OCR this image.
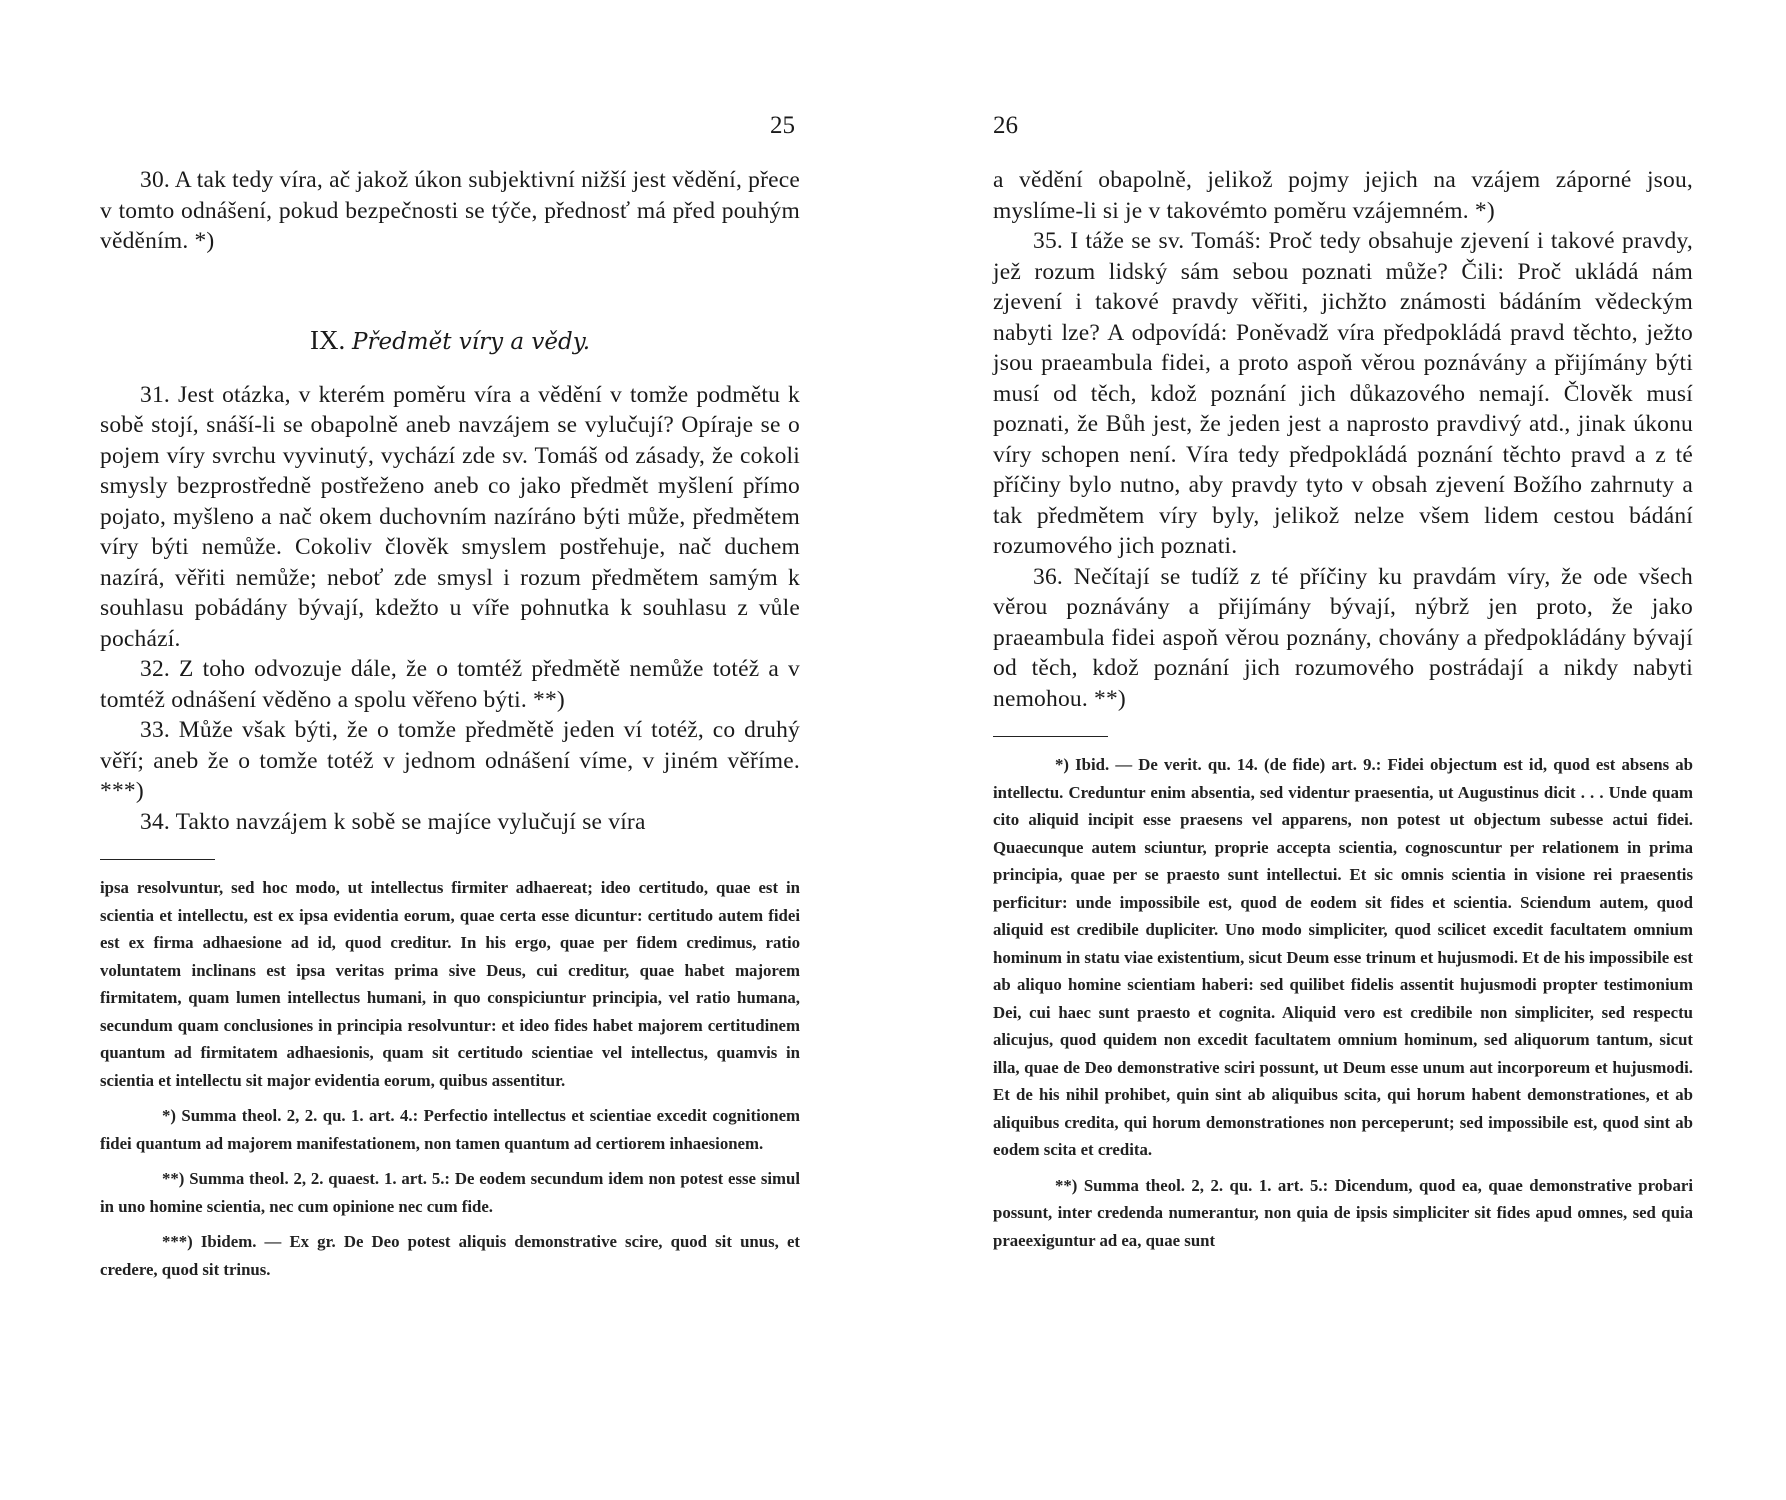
25

30. A tak tedy víra, ač jakož úkon subjektivní nižší jest vědění, přece v tomto odnášení, pokud bezpečnosti se týče, přednosť má před pouhým věděním. *)

IX. Předmět víry a vědy.

31. Jest otázka, v kterém poměru víra a vědění v tomže podmětu k sobě stojí, snáší-li se obapolně aneb navzájem se vylučují? Opíraje se o pojem víry svrchu vyvinutý, vychází zde sv. Tomáš od zásady, že cokoli smysly bezprostředně postřeženo aneb co jako předmět myšlení přímo pojato, myšleno a nač okem duchovním nazíráno býti může, předmětem víry býti nemůže. Cokoliv člověk smyslem postřehuje, nač duchem nazírá, věřiti nemůže; neboť zde smysl i rozum předmětem samým k souhlasu pobádány bývají, kdežto u víře pohnutka k souhlasu z vůle pochází.

32. Z toho odvozuje dále, že o tomtéž předmětě nemůže totéž a v tomtéž odnášení věděno a spolu věřeno býti. **)

33. Může však býti, že o tomže předmětě jeden ví totéž, co druhý věří; aneb že o tomže totéž v jednom odnášení víme, v jiném věříme. ***)

34. Takto navzájem k sobě se majíce vylučují se víra

ipsa resolvuntur, sed hoc modo, ut intellectus firmiter adhaereat; ideo certitudo, quae est in scientia et intellectu, est ex ipsa evidentia eorum, quae certa esse dicuntur: certitudo autem fidei est ex firma adhaesione ad id, quod creditur. In his ergo, quae per fidem credimus, ratio voluntatem inclinans est ipsa veritas prima sive Deus, cui creditur, quae habet majorem firmitatem, quam lumen intellectus humani, in quo conspiciuntur principia, vel ratio humana, secundum quam conclusiones in principia resolvuntur: et ideo fides habet majorem certitudinem quantum ad firmitatem adhaesionis, quam sit certitudo scientiae vel intellectus, quamvis in scientia et intellectu sit major evidentia eorum, quibus assentitur.

*) Summa theol. 2, 2. qu. 1. art. 4.: Perfectio intellectus et scientiae excedit cognitionem fidei quantum ad majorem manifestationem, non tamen quantum ad certiorem inhaesionem.

**) Summa theol. 2, 2. quaest. 1. art. 5.: De eodem secundum idem non potest esse simul in uno homine scientia, nec cum opinione nec cum fide.

***) Ibidem. — Ex gr. De Deo potest aliquis demonstrative scire, quod sit unus, et credere, quod sit trinus.

26

a vědění obapolně, jelikož pojmy jejich na vzájem záporné jsou, myslíme-li si je v takovémto poměru vzájemném. *)

35. I táže se sv. Tomáš: Proč tedy obsahuje zjevení i takové pravdy, jež rozum lidský sám sebou poznati může? Čili: Proč ukládá nám zjevení i takové pravdy věřiti, jichžto známosti bádáním vědeckým nabyti lze? A odpovídá: Poněvadž víra předpokládá pravd těchto, ježto jsou praeambula fidei, a proto aspoň věrou poznávány a přijímány býti musí od těch, kdož poznání jich důkazového nemají. Člověk musí poznati, že Bůh jest, že jeden jest a naprosto pravdivý atd., jinak úkonu víry schopen není. Víra tedy předpokládá poznání těchto pravd a z té příčiny bylo nutno, aby pravdy tyto v obsah zjevení Božího zahrnuty a tak předmětem víry byly, jelikož nelze všem lidem cestou bádání rozumového jich poznati.

36. Nečítají se tudíž z té příčiny ku pravdám víry, že ode všech věrou poznávány a přijímány bývají, nýbrž jen proto, že jako praeambula fidei aspoň věrou poznány, chovány a předpokládány bývají od těch, kdož poznání jich rozumového postrádají a nikdy nabyti nemohou. **)

*) Ibid. — De verit. qu. 14. (de fide) art. 9.: Fidei objectum est id, quod est absens ab intellectu. Creduntur enim absentia, sed videntur praesentia, ut Augustinus dicit . . . Unde quam cito aliquid incipit esse praesens vel apparens, non potest ut objectum subesse actui fidei. Quaecunque autem sciuntur, proprie accepta scientia, cognoscuntur per relationem in prima principia, quae per se praesto sunt intellectui. Et sic omnis scientia in visione rei praesentis perficitur: unde impossibile est, quod de eodem sit fides et scientia. Sciendum autem, quod aliquid est credibile dupliciter. Uno modo simpliciter, quod scilicet excedit facultatem omnium hominum in statu viae existentium, sicut Deum esse trinum et hujusmodi. Et de his impossibile est ab aliquo homine scientiam haberi: sed quilibet fidelis assentit hujusmodi propter testimonium Dei, cui haec sunt praesto et cognita. Aliquid vero est credibile non simpliciter, sed respectu alicujus, quod quidem non excedit facultatem omnium hominum, sed aliquorum tantum, sicut illa, quae de Deo demonstrative sciri possunt, ut Deum esse unum aut incorporeum et hujusmodi. Et de his nihil prohibet, quin sint ab aliquibus scita, qui horum habent demonstrationes, et ab aliquibus credita, qui horum demonstrationes non perceperunt; sed impossibile est, quod sint ab eodem scita et credita.

**) Summa theol. 2, 2. qu. 1. art. 5.: Dicendum, quod ea, quae demonstrative probari possunt, inter credenda numerantur, non quia de ipsis simpliciter sit fides apud omnes, sed quia praeexiguntur ad ea, quae sunt
